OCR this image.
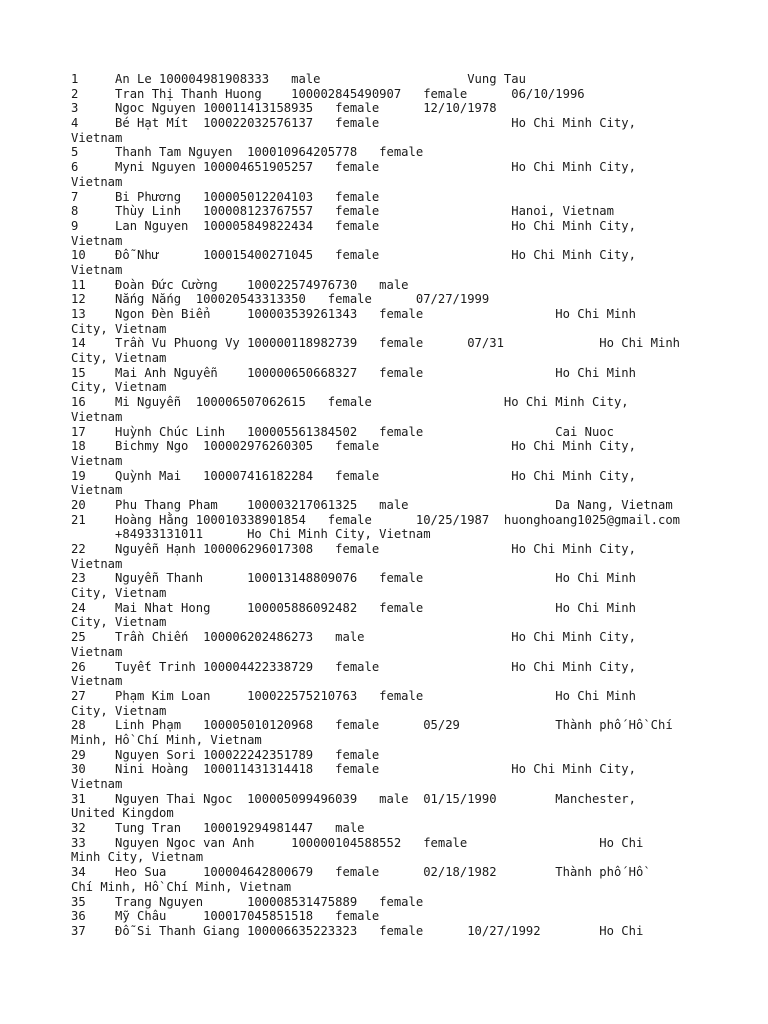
1     An Le 100004981908333   male                    Vung Tau
2     Tran Thị Thanh Huong    100002845490907   female      06/10/1996
3     Ngoc Nguyen 100011413158935   female      12/10/1978
4     Bé Hạt Mít  100022032576137   female                  Ho Chi Minh City,
Vietnam
5     Thanh Tam Nguyen  100010964205778   female
6     Myni Nguyen 100004651905257   female                  Ho Chi Minh City,
Vietnam
7     Bi Phương   100005012204103   female
8     Thùy Linh   100008123767557   female                  Hanoi, Vietnam
9     Lan Nguyen  100005849822434   female                  Ho Chi Minh City,
Vietnam
10    Đỗ Như      100015400271045   female                  Ho Chi Minh City,
Vietnam
11    Đoàn Đức Cường    100022574976730   male
12    Nắng Nắng  100020543313350   female      07/27/1999
13    Ngon Đèn Biển     100003539261343   female                  Ho Chi Minh
City, Vietnam
14    Trần Vu Phuong Vy 100000118982739   female      07/31             Ho Chi Minh
City, Vietnam
15    Mai Anh Nguyễn    100000650668327   female                  Ho Chi Minh
City, Vietnam
16    Mi Nguyễn  100006507062615   female                  Ho Chi Minh City,
Vietnam
17    Huỳnh Chúc Linh   100005561384502   female                  Cai Nuoc
18    Bichmy Ngo  100002976260305   female                  Ho Chi Minh City,
Vietnam
19    Quỳnh Mai   100007416182284   female                  Ho Chi Minh City,
Vietnam
20    Phu Thang Pham    100003217061325   male                    Da Nang, Vietnam
21    Hoàng Hằng 100010338901854   female      10/25/1987  huonghoang1025@gmail.com
+84933131011      Ho Chi Minh City, Vietnam
22    Nguyễn Hạnh 100006296017308   female                  Ho Chi Minh City,
Vietnam
23    Nguyễn Thanh      100013148809076   female                  Ho Chi Minh
City, Vietnam
24    Mai Nhat Hong     100005886092482   female                  Ho Chi Minh
City, Vietnam
25    Trần Chiến  100006202486273   male                    Ho Chi Minh City,
Vietnam
26    Tuyết Trinh 100004422338729   female                  Ho Chi Minh City,
Vietnam
27    Phạm Kim Loan     100022575210763   female                  Ho Chi Minh
City, Vietnam
28    Linh Phạm   100005010120968   female      05/29             Thành phố Hồ Chí
Minh, Hồ Chí Minh, Vietnam
29    Nguyen Sori 100022242351789   female
30    Nini Hoàng  100011431314418   female                  Ho Chi Minh City,
Vietnam
31    Nguyen Thai Ngoc  100005099496039   male  01/15/1990        Manchester,
United Kingdom
32    Tung Tran   100019294981447   male
33    Nguyen Ngoc van Anh     100000104588552   female                  Ho Chi
Minh City, Vietnam
34    Heo Sua     100004642800679   female      02/18/1982        Thành phố Hồ
Chí Minh, Hồ Chí Minh, Vietnam
35    Trang Nguyen      100008531475889   female
36    Mỹ Châu     100017045851518   female
37    Đỗ Si Thanh Giang 100006635223323   female      10/27/1992        Ho Chi
